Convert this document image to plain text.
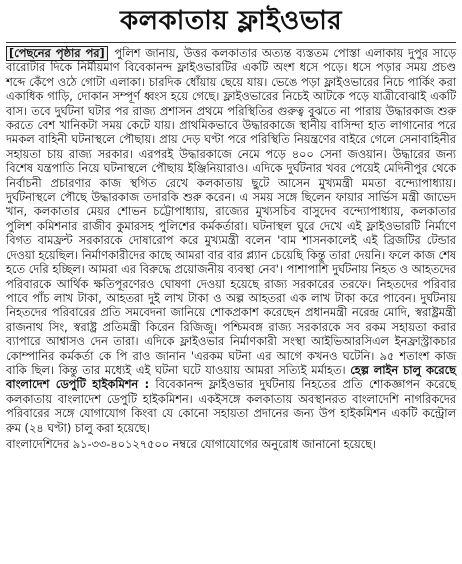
কলকাতায় ফ্লাইওভার
[পেছনের পৃষ্ঠার পর] পুলিশ জানায়, উত্তর কলকাতার অত্যন্ত ব্যস্ততম পোস্তা এলাকায় দুপুর সাড়ে বারোটার দিকে নির্মীয়মাণ বিবেকানন্দ ফ্লাইওভারটির একটি অংশ ধসে পড়ে। ধসে পড়ার সময় প্রচণ্ড শব্দে কেঁপে ওঠে গোটা এলাকা। চারদিক ধোঁয়ায় ছেয়ে যায়। ভেঙে পড়া ফ্লাইওভারের নিচে পার্কিং করা একাধিক গাড়ি, দোকান সম্পূর্ণ ধ্বংস হয়ে গেছে। ফ্লাইওভারের নিচেই আটকে পড়ে যাত্রীবোঝাই একটি বাস। তবে দুর্ঘটনা ঘটার পর রাজ্য প্রশাসন প্রথমে পরিস্থিতির গুরুত্ব বুঝতে না পারায় উদ্ধারকাজ শুরু করতে বেশ খানিকটা সময় কেটে যায়। প্রাথমিকভাবে উদ্ধারকাজে স্থানীয় বাসিন্দা হাত লাগানোর পরে দমকল বাহিনী ঘটনাস্থলে পৌছায়। প্রায় দেড় ঘণ্টা পরে পরিস্থিতি নিয়ন্ত্রণের বাইরে গেলে সেনাবাহিনীর সহায়তা চায় রাজ্য সরকার। এরপরই উদ্ধারকাজে নেমে পড়ে ৪০০ সেনা জওয়ান। উদ্ধারের জন্য বিশেষ যন্ত্রপাতি নিয়ে ঘটনাস্থলে পৌছায় ইঞ্জিনিয়ারাও। এদিকে দুর্ঘটনার খবর পেয়েই মেদিনীপুর থেকে নির্বাচনী প্রচারণার কাজ স্থগিত রেখে কলকাতায় ছুটে আসেন মুখ্যমন্ত্রী মমতা বন্দ্যোপাধ্যায়। দুর্ঘটনাস্থলে পৌছে উদ্ধারকাজ তদারকি শুরু করেন। এ সময় সঙ্গে ছিলেন ফায়ার সার্ভিস মন্ত্রী জাভেদ খান, কলকাতার মেয়র শোভন চট্টোপাধ্যায়, রাজ্যের মুখ্যসচিব বাসুদেব বন্দ্যোপাধ্যায়, কলকাতার পুলিশ কমিশনার রাজীব কুমারসহ পুলিশের কর্মকর্তারা। ঘটনাস্থল ঘুরে দেখে এই ফ্লাইওভারটি নির্মাণে বিগত বামফ্রন্ট সরকারকে দোষারোপ করে মুখ্যমন্ত্রী বলেন 'বাম শাসনকালেই এই ব্রিজটির টেন্ডার দেওয়া হয়েছিল। নির্মাণকারীদের কাছে আমরা বার বার প্ল্যান চেয়েছি কিন্তু তারা দেয়নি। ফলে কাজ শেষ হতে দেরি হচ্ছিল। আমরা এর বিরুদ্ধে প্রয়োজনীয় ব্যবস্থা নেব'। পাশাপাশি দুর্ঘটনায় নিহত ও আহতদের পরিবারকে আর্থিক ক্ষতিপূরণেরও ঘোষণা দেওয়া হয়েছে রাজ্য সরকারের তরফে। নিহতদের পরিবার পাবে পাঁচ লাখ টাকা, আহতরা দুই লাখ টাকা ও অল্প আহতরা এক লাখ টাকা করে পাবেন। দুর্ঘটনায় নিহতদের পরিবারের প্রতি সমবেদনা জানিয়ে শোকপ্রকাশ করেছেন প্রধানমন্ত্রী নরেন্দ্র মোদি, স্বরাষ্ট্রমন্ত্রী রাজনাথ সিং, স্বরাষ্ট্র প্রতিমন্ত্রী কিরেন রিজিজু। পশ্চিমবঙ্গ রাজ্য সরকারকে সব রকম সহায়তা করার ব্যাপারে আশ্বাসও দেন তারা। এদিকে ফ্লাইওভার নির্মাণকারী সংস্থা আইভিআরসিএল ইনফ্রাস্ট্রাকচার কোম্পানির কর্মকর্তা কে পি রাও জানান 'এরকম ঘটনা এর আগে কখনও ঘটেনি। ৯৫ শতাংশ কাজ বাকি ছিল। কিন্তু তার মধ্যেই এই ঘটনা ঘটে যাওয়ায় আমরা সত্যিই মর্মাহত। হেল্প লাইন চালু করেছে বাংলাদেশ ডেপুটি হাইকমিশন : বিবেকানন্দ ফ্লাইওভার দুর্ঘটনায় নিহতের প্রতি শোকজ্ঞাপন করেছে কলকাতায় বাংলাদেশ ডেপুটি হাইকমিশন। একইসঙ্গে কলকাতায় অবস্থানরত বাংলাদেশি নাগরিকদের পরিবারের সঙ্গে যোগাযোগ কিংবা যে কোনো সহায়তা প্রদানের জন্য উপ হাইকমিশন একটি কন্ট্রোল রুম (২৪ ঘণ্টা) চালু করা হয়েছে।
বাংলাদেশিদের ৯১-৩৩-৪০১২৭৫০০ নম্বরে যোগাযোগের অনুরোধ জানানো হয়েছে।
